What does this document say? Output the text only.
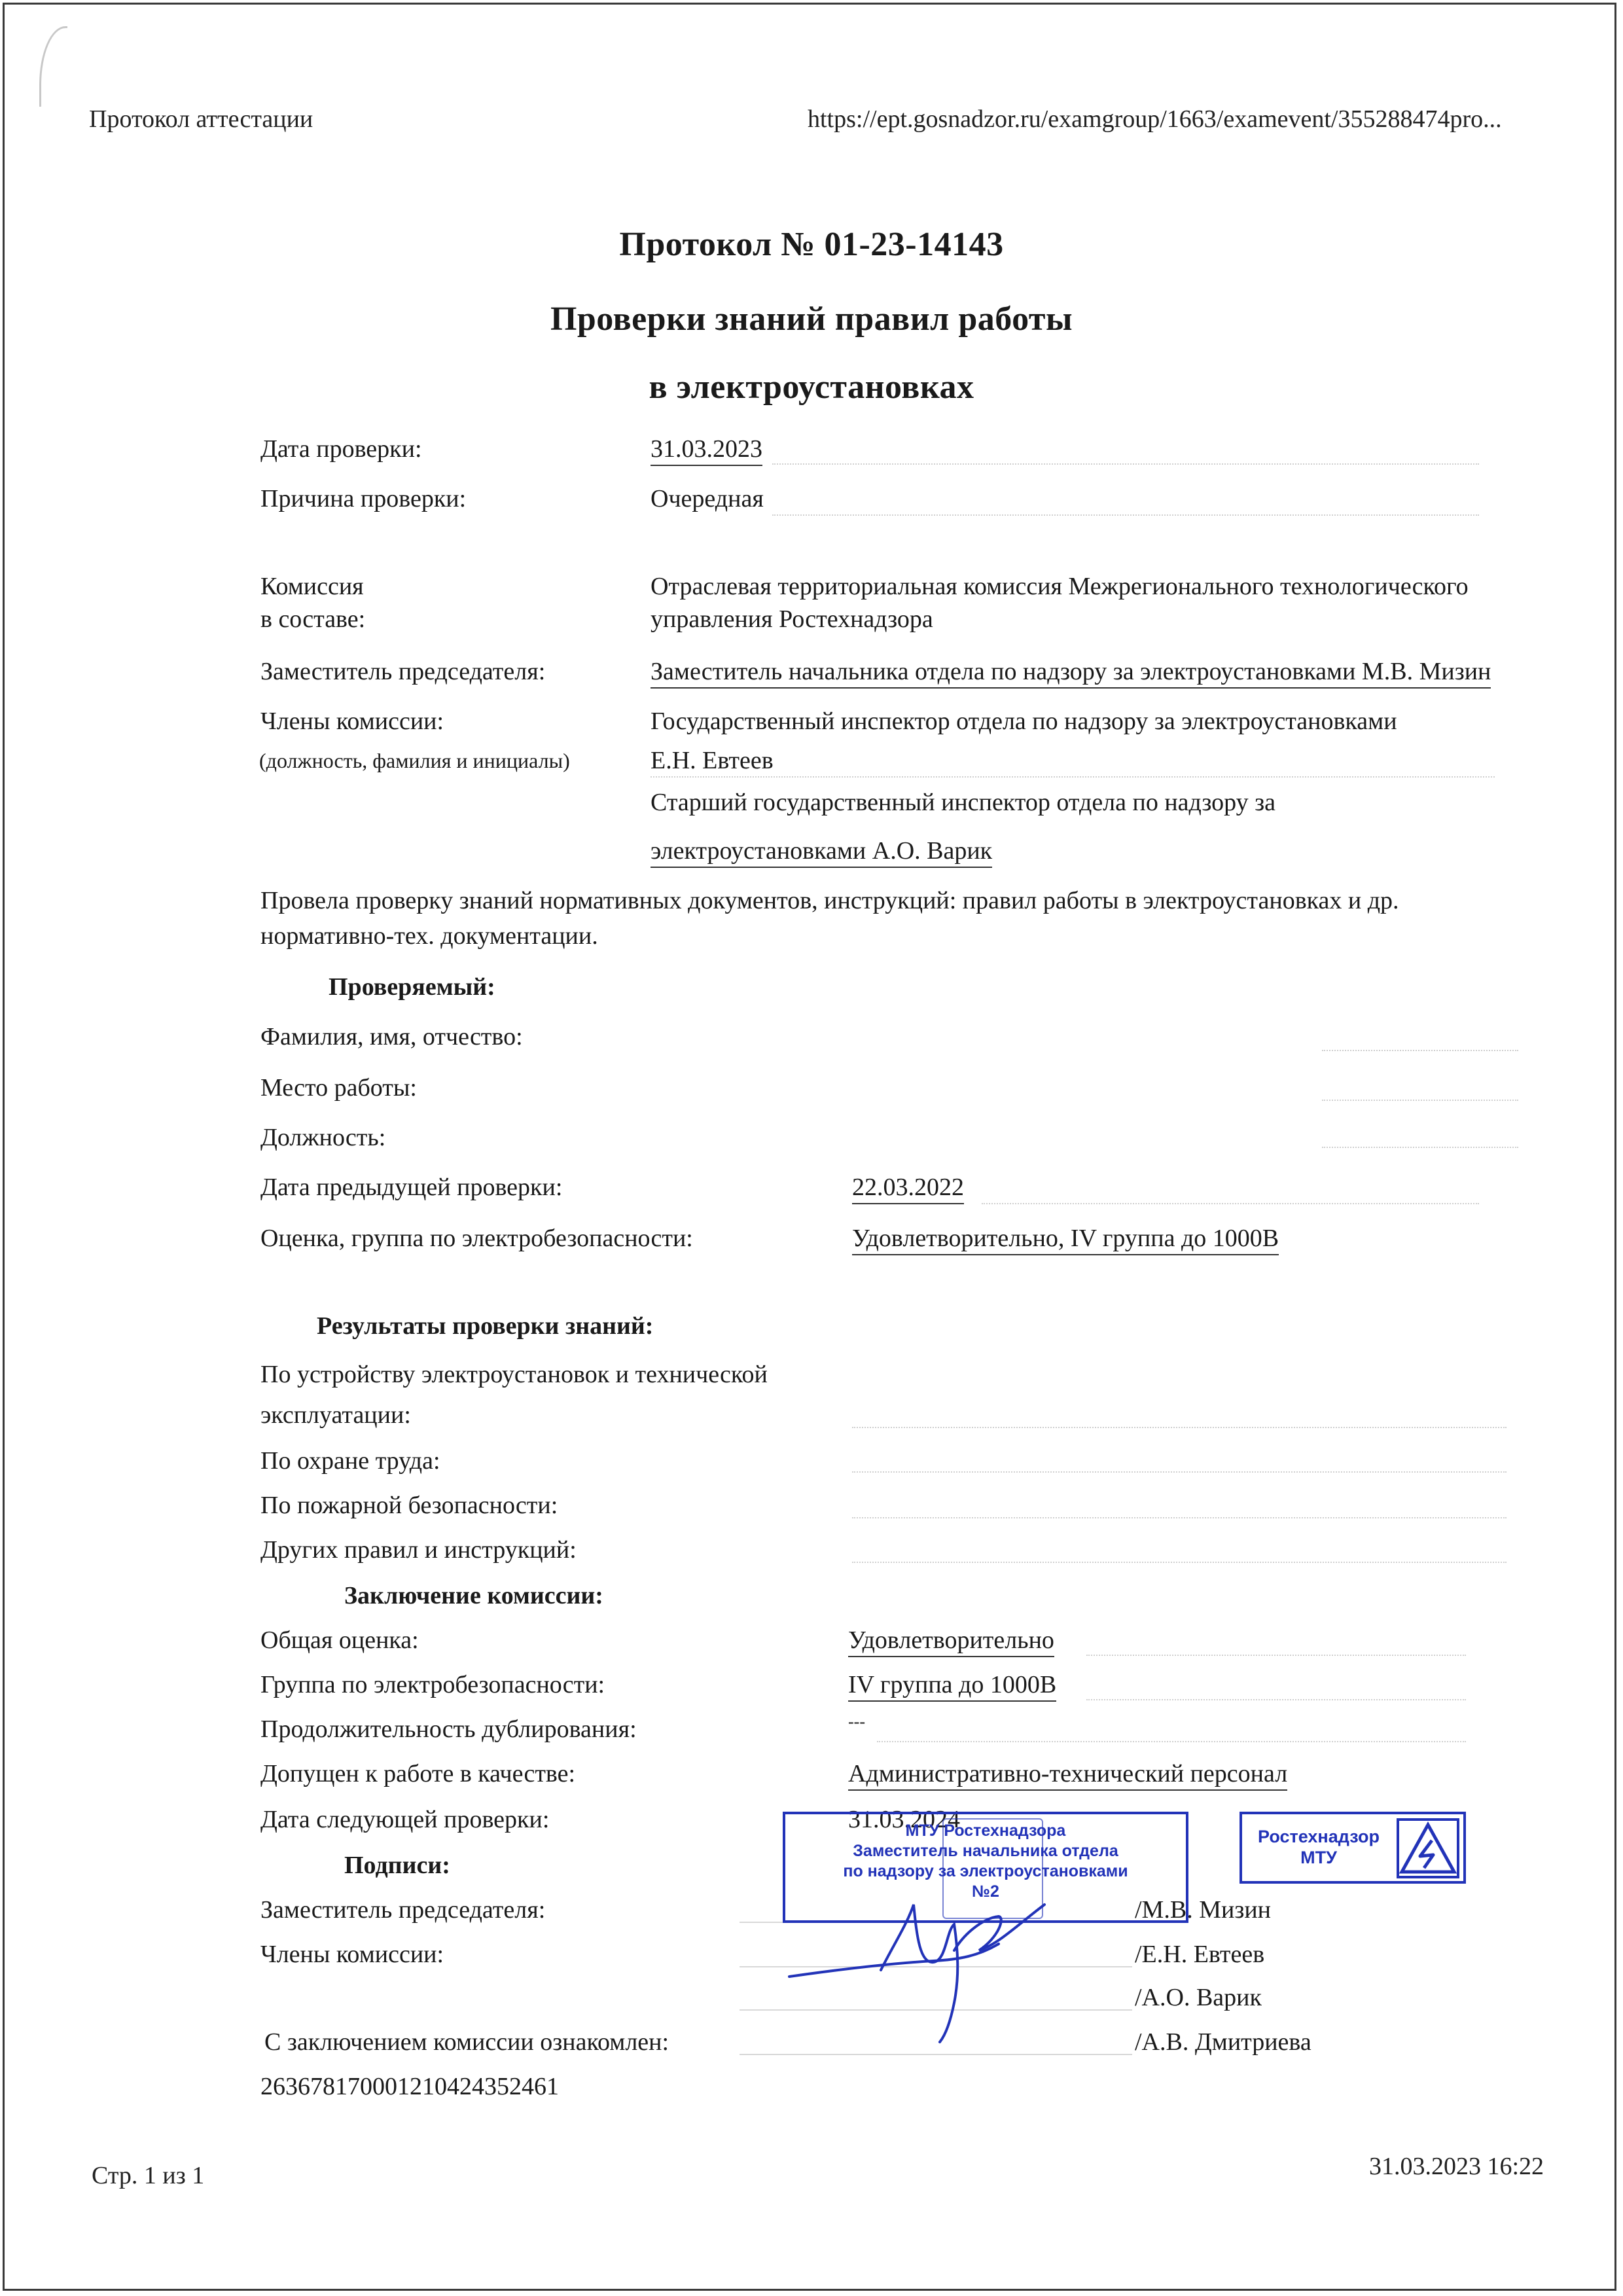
Протокол аттестации	https://ept.gosnadzor.ru/examgroup/1663/examevent/355288474pro...
Протокол № 01-23-14143
Проверки знаний правил работы
в электроустановках
Дата проверки:	31.03.2023
Причина проверки:	Очередная
Комиссия
в составе:
Отраслевая территориальная комиссия Межрегионального технологического
управления Ростехнадзора
Заместитель председателя:	Заместитель начальника отдела по надзору за электроустановками М.В. Мизин
Члены комиссии:
(должность, фамилия и инициалы)
Государственный инспектор отдела по надзору за электроустановками
Е.Н. Евтеев
Старший государственный инспектор отдела по надзору за
электроустановками А.О. Варик
Провела проверку знаний нормативных документов, инструкций: правил работы в электроустановках и др.
нормативно-тех. документации.
Проверяемый:
Фамилия, имя, отчество:
Место работы:
Должность:
Дата предыдущей проверки:	22.03.2022
Оценка, группа по электробезопасности:	Удовлетворительно, IV группа до 1000В
Результаты проверки знаний:
По устройству электроустановок и технической
эксплуатации:
По охране труда:
По пожарной безопасности:
Других правил и инструкций:
Заключение комиссии:
Общая оценка:	Удовлетворительно
Группа по электробезопасности:	IV группа до 1000В
Продолжительность дублирования:	---
Допущен к работе в качестве:	Административно-технический персонал
Дата следующей проверки:	31.03.2024
Подписи:
Заместитель председателя:	/М.В. Мизин
Члены комиссии:	/Е.Н. Евтеев
/А.О. Варик
С заключением комиссии ознакомлен:	/А.В. Дмитриева
263678170001210424352461
МТУ Ростехнадзора
Заместитель начальника отдела
по надзору за электроустановками
№2
Ростехнадзор
МТУ
Стр. 1 из 1	31.03.2023 16:22
